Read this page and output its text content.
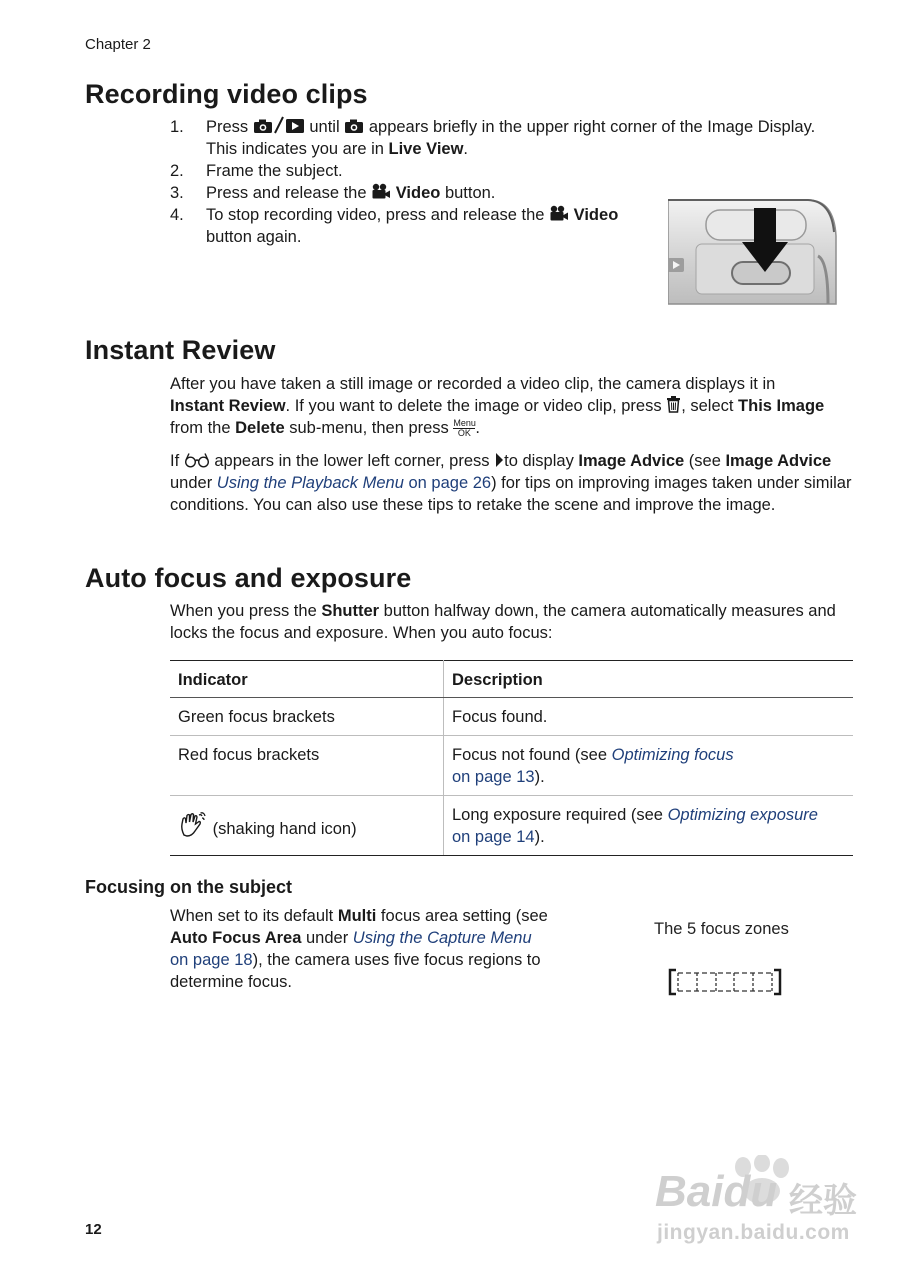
Chapter 2
Recording video clips
1. Press	until appears briefly in the upper right corner of the Image Display.
This indicates you are in Live View.
2. Frame the subject.
3. Press and release the Video button.
4. To stop recording video, press and release the Video
button again.
Instant Review
After you have taken a still image or recorded a video clip, the camera displays it in
Instant Review. If you want to delete the image or video clip, press , select This Image from the Delete sub-menu, then press Menu
OK .
If appears in the lower left corner, press to display Image Advice (see Image Advice under Using the Playback Menu on page 26) for tips on improving images taken under similar conditions. You can also use these tips to retake the scene and improve the image.
Auto focus and exposure
When you press the Shutter button halfway down, the camera automatically measures and locks the focus and exposure. When you auto focus:
Indicator	Description
Green focus brackets	Focus found.
Red focus brackets	Focus not found (see Optimizing focus
on page 13).
(shaking hand icon)	Long exposure required (see Optimizing exposure
on page 14).
Focusing on the subject
When set to its default Multi focus area setting (see Auto Focus Area under Using the Capture Menu
on page 18), the camera uses five focus regions to determine focus.
The 5 focus zones
12
Baidu 经验
jingyan.baidu.com
